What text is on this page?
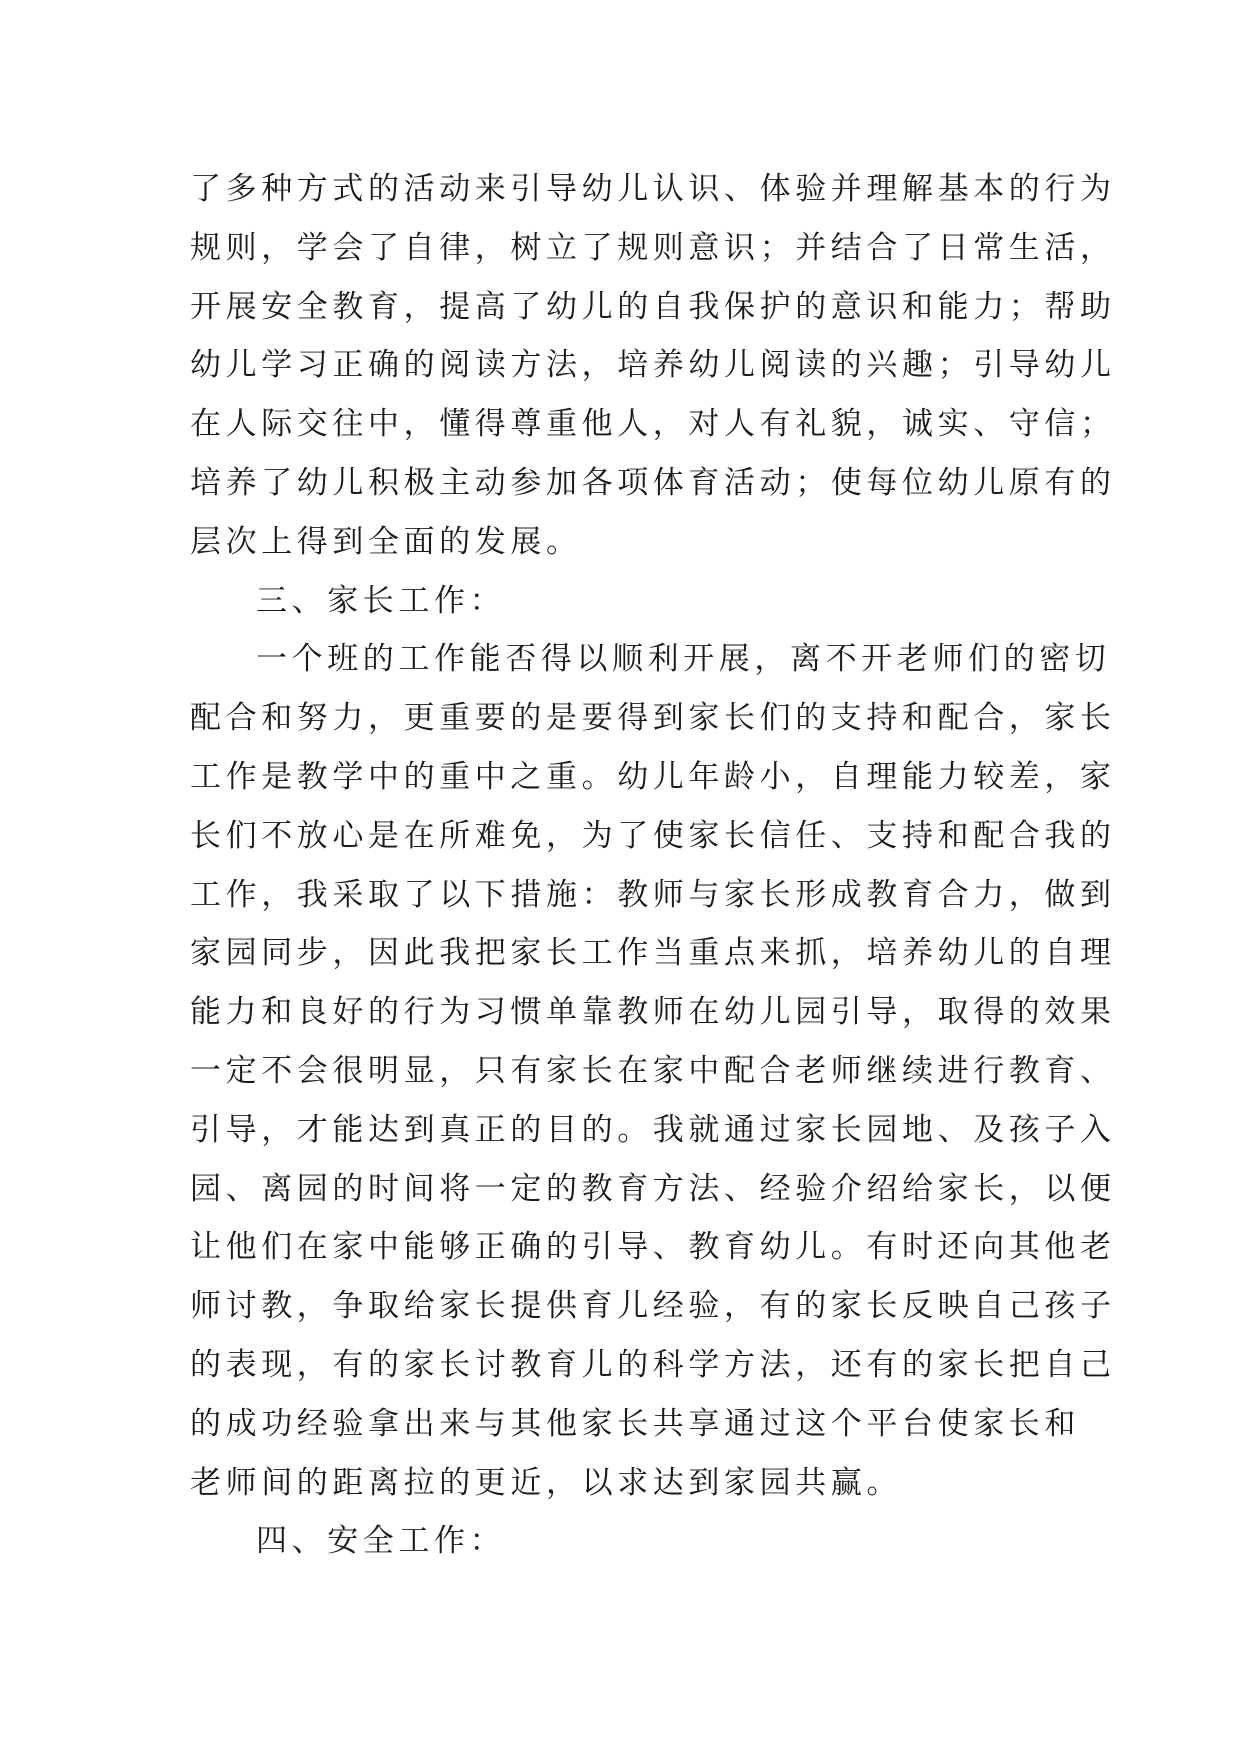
了多种方式的活动来引导幼儿认识、体验并理解基本的行为
规则，学会了自律，树立了规则意识；并结合了日常生活，
开展安全教育，提高了幼儿的自我保护的意识和能力；帮助
幼儿学习正确的阅读方法，培养幼儿阅读的兴趣；引导幼儿
在人际交往中，懂得尊重他人，对人有礼貌，诚实、守信；
培养了幼儿积极主动参加各项体育活动；使每位幼儿原有的
层次上得到全面的发展。
三、家长工作：
一个班的工作能否得以顺利开展，离不开老师们的密切
配合和努力，更重要的是要得到家长们的支持和配合，家长
工作是教学中的重中之重。幼儿年龄小，自理能力较差，家
长们不放心是在所难免，为了使家长信任、支持和配合我的
工作，我采取了以下措施：教师与家长形成教育合力，做到
家园同步，因此我把家长工作当重点来抓，培养幼儿的自理
能力和良好的行为习惯单靠教师在幼儿园引导，取得的效果
一定不会很明显，只有家长在家中配合老师继续进行教育、
引导，才能达到真正的目的。我就通过家长园地、及孩子入
园、离园的时间将一定的教育方法、经验介绍给家长，以便
让他们在家中能够正确的引导、教育幼儿。有时还向其他老
师讨教，争取给家长提供育儿经验，有的家长反映自己孩子
的表现，有的家长讨教育儿的科学方法，还有的家长把自己
的成功经验拿出来与其他家长共享通过这个平台使家长和
老师间的距离拉的更近，以求达到家园共赢。
四、安全工作：
